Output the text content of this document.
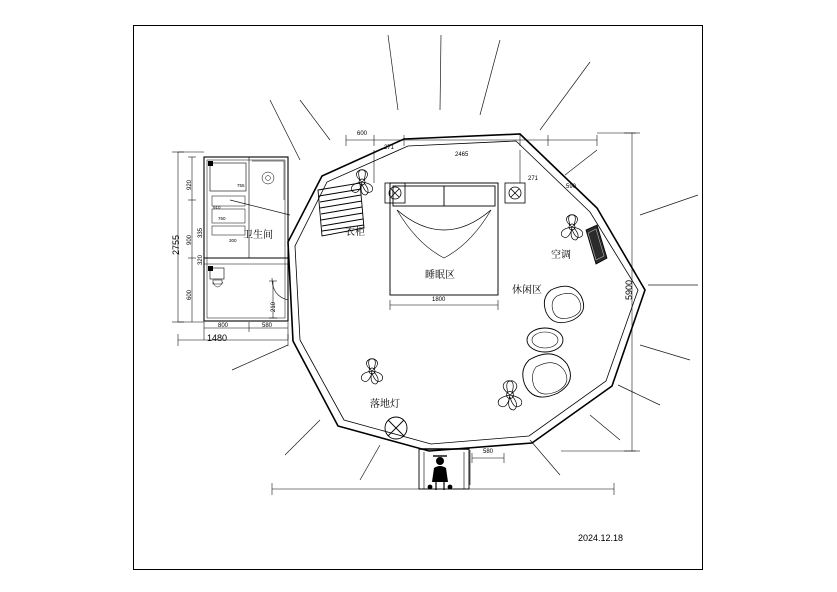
卫生间	衣柜
睡眠区
空调
休闲区
落地灯
2024.12.18
5900
2755
1480
920
900
600
335
320
300
800	580
210
755
910
760
600
271
2465
271
590
1800
580
